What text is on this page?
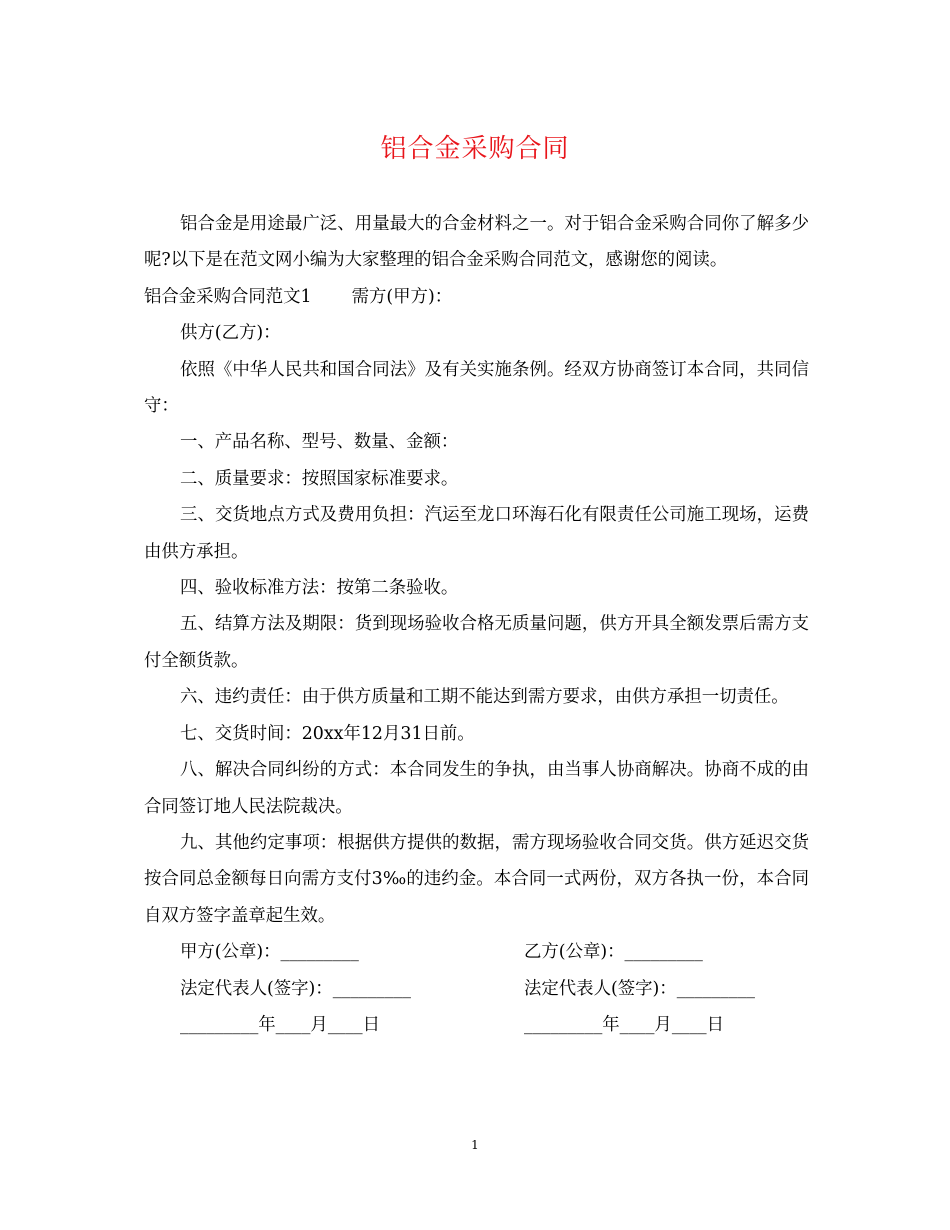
铝合金采购合同

铝合金是用途最广泛、用量最大的合金材料之一。对于铝合金采购合同你了解多少呢?以下是在范文网小编为大家整理的铝合金采购合同范文，感谢您的阅读。

铝合金采购合同范文1 需方(甲方)：

供方(乙方)：

依照《中华人民共和国合同法》及有关实施条例。经双方协商签订本合同，共同信守：

一、产品名称、型号、数量、金额：

二、质量要求：按照国家标准要求。

三、交货地点方式及费用负担：汽运至龙口环海石化有限责任公司施工现场，运费由供方承担。

四、验收标准方法：按第二条验收。

五、结算方法及期限：货到现场验收合格无质量问题，供方开具全额发票后需方支付全额货款。

六、违约责任：由于供方质量和工期不能达到需方要求，由供方承担一切责任。

七、交货时间：20xx年12月31日前。

八、解决合同纠纷的方式：本合同发生的争执，由当事人协商解决。协商不成的由合同签订地人民法院裁决。

九、其他约定事项：根据供方提供的数据，需方现场验收合同交货。供方延迟交货按合同总金额每日向需方支付3‰的违约金。本合同一式两份，双方各执一份，本合同自双方签字盖章起生效。

甲方(公章)：_________	乙方(公章)：_________
法定代表人(签字)：_________	法定代表人(签字)：_________
_________年____月____日	_________年____月____日
1
